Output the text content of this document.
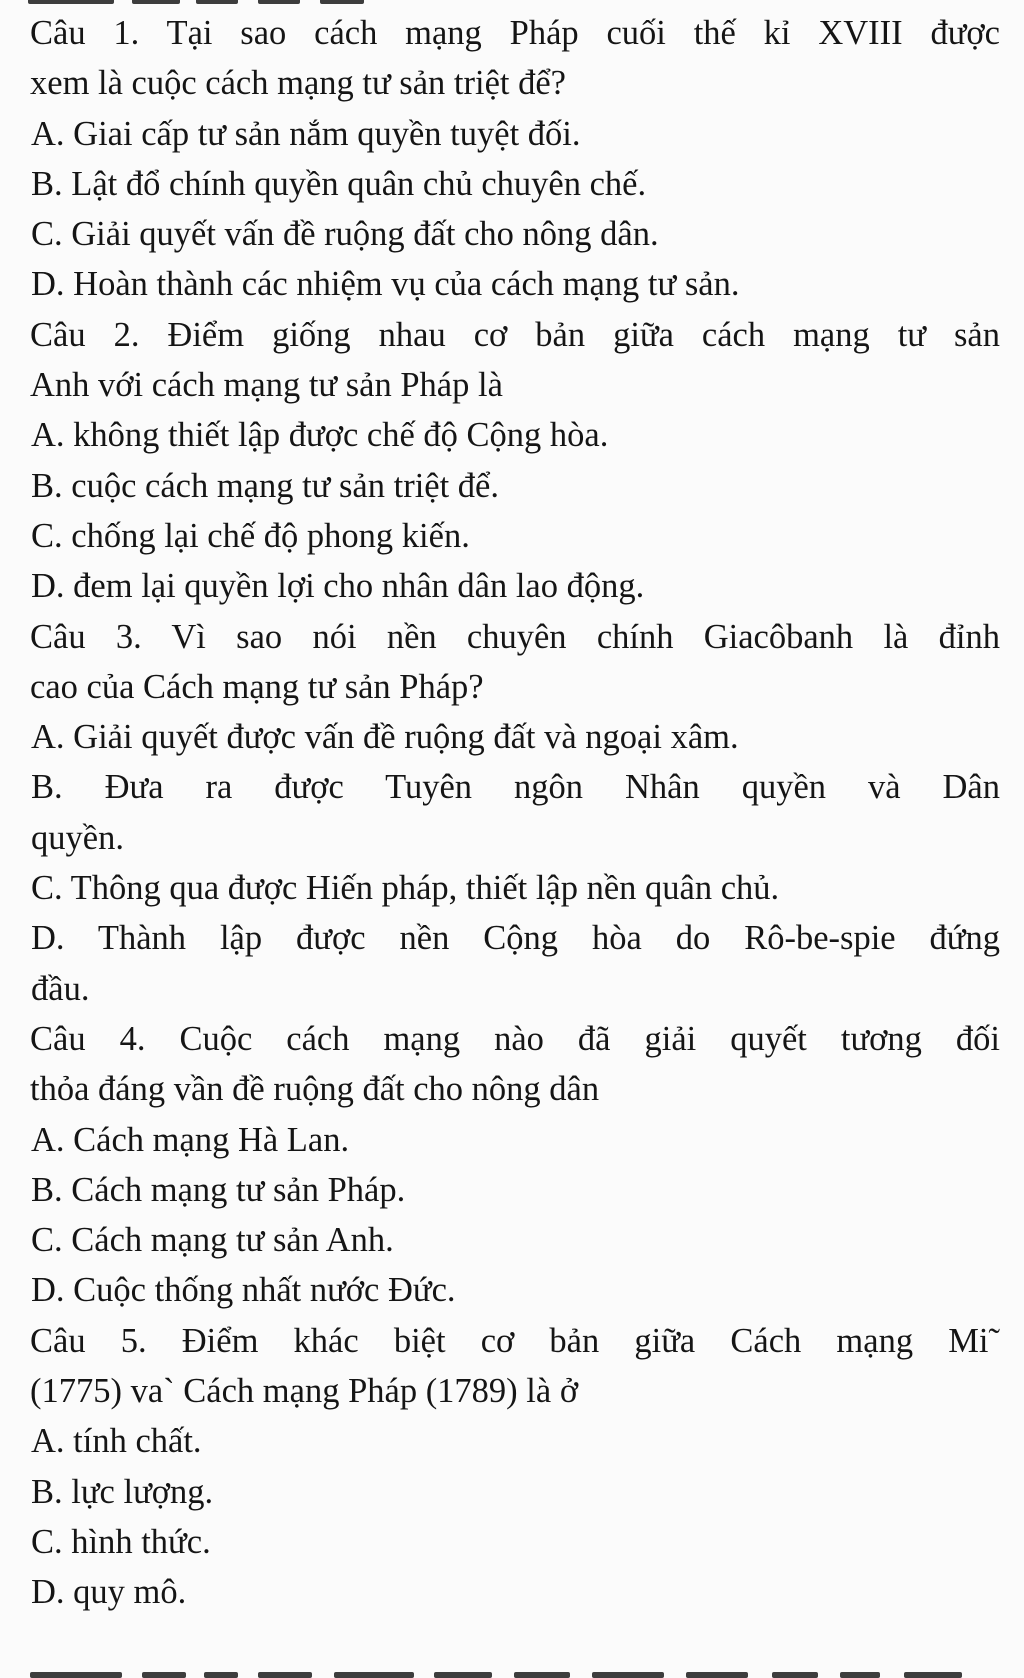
Câu 1. Tại sao cách mạng Pháp cuối thế kỉ XVIII được
xem là cuộc cách mạng tư sản triệt để?
A. Giai cấp tư sản nắm quyền tuyệt đối.
B. Lật đổ chính quyền quân chủ chuyên chế.
C. Giải quyết vấn đề ruộng đất cho nông dân.
D. Hoàn thành các nhiệm vụ của cách mạng tư sản.
Câu 2. Điểm giống nhau cơ bản giữa cách mạng tư sản
Anh với cách mạng tư sản Pháp là
A. không thiết lập được chế độ Cộng hòa.
B. cuộc cách mạng tư sản triệt để.
C. chống lại chế độ phong kiến.
D. đem lại quyền lợi cho nhân dân lao động.
Câu 3. Vì sao nói nền chuyên chính Giacôbanh là đỉnh
cao của Cách mạng tư sản Pháp?
A. Giải quyết được vấn đề ruộng đất và ngoại xâm.
B. Đưa ra được Tuyên ngôn Nhân quyền và Dân
quyền.
C. Thông qua được Hiến pháp, thiết lập nền quân chủ.
D. Thành lập được nền Cộng hòa do Rô-be-spie đứng
đầu.
Câu 4. Cuộc cách mạng nào đã giải quyết tương đối
thỏa đáng vần đề ruộng đất cho nông dân
A. Cách mạng Hà Lan.
B. Cách mạng tư sản Pháp.
C. Cách mạng tư sản Anh.
D. Cuộc thống nhất nước Đức.
Câu 5. Điểm khác biệt cơ bản giữa Cách mạng Mi˜
(1775) va` Cách mạng Pháp (1789) là ở
A. tính chất.
B. lực lượng.
C. hình thức.
D. quy mô.
